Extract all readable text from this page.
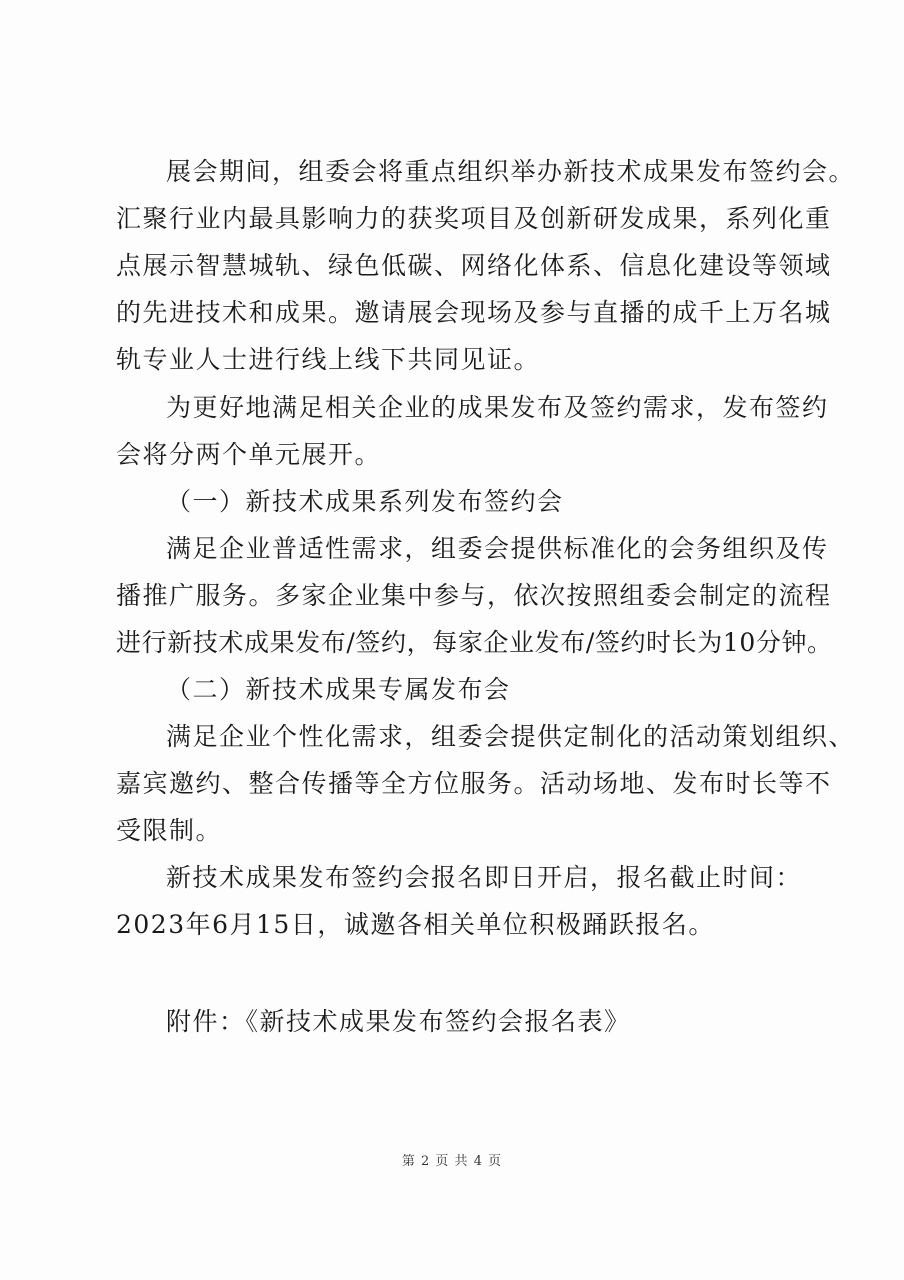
展会期间，组委会将重点组织举办新技术成果发布签约会。
汇聚行业内最具影响力的获奖项目及创新研发成果，系列化重
点展示智慧城轨、绿色低碳、网络化体系、信息化建设等领域
的先进技术和成果。邀请展会现场及参与直播的成千上万名城
轨专业人士进行线上线下共同见证。
为更好地满足相关企业的成果发布及签约需求，发布签约
会将分两个单元展开。
（一）新技术成果系列发布签约会
满足企业普适性需求，组委会提供标准化的会务组织及传
播推广服务。多家企业集中参与，依次按照组委会制定的流程
进行新技术成果发布/签约，每家企业发布/签约时长为10分钟。
（二）新技术成果专属发布会
满足企业个性化需求，组委会提供定制化的活动策划组织、
嘉宾邀约、整合传播等全方位服务。活动场地、发布时长等不
受限制。
新技术成果发布签约会报名即日开启，报名截止时间：
2023年6月15日，诚邀各相关单位积极踊跃报名。
附件：《新技术成果发布签约会报名表》
第 2 页 共 4 页
